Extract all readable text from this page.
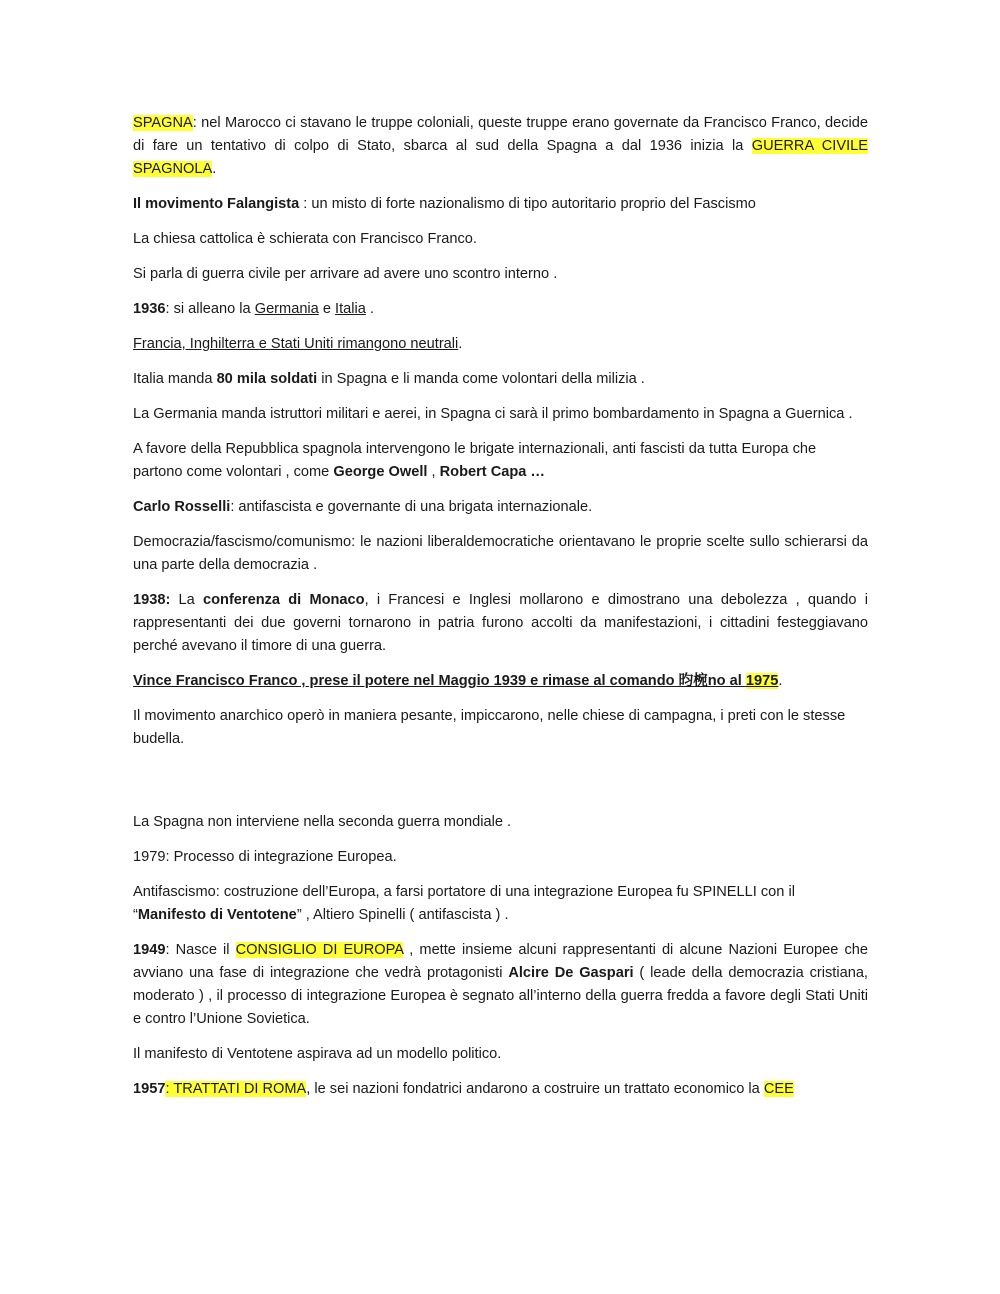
SPAGNA: nel Marocco ci stavano le truppe coloniali, queste truppe erano governate da Francisco Franco, decide di fare un tentativo di colpo di Stato, sbarca al sud della Spagna a dal 1936 inizia la GUERRA CIVILE SPAGNOLA.

Il movimento Falangista : un misto di forte nazionalismo di tipo autoritario proprio del Fascismo

La chiesa cattolica è schierata con Francisco Franco.

Si parla di guerra civile per arrivare ad avere uno scontro interno .

1936: si alleano la Germania e Italia .

Francia, Inghilterra e Stati Uniti rimangono neutrali.

Italia manda 80 mila soldati in Spagna e li manda come volontari della milizia .

La Germania manda istruttori militari e aerei, in Spagna ci sarà il primo bombardamento in Spagna a Guernica .

A favore della Repubblica spagnola intervengono le brigate internazionali, anti fascisti da tutta Europa che partono come volontari , come George Owell , Robert Capa …

Carlo Rosselli: antifascista e governante di una brigata internazionale.

Democrazia/fascismo/comunismo: le nazioni liberaldemocratiche orientavano le proprie scelte sullo schierarsi da una parte della democrazia .

1938: La conferenza di Monaco, i Francesi e Inglesi mollarono e dimostrano una debolezza , quando i rappresentanti dei due governi tornarono in patria furono accolti da manifestazioni, i cittadini festeggiavano perché avevano il timore di una guerra.

Vince Francisco Franco , prese il potere nel Maggio 1939 e rimase al comando 昀椀no al 1975.

Il movimento anarchico operò in maniera pesante, impiccarono, nelle chiese di campagna, i preti con le stesse budella.

La Spagna non interviene nella seconda guerra mondiale .

1979: Processo di integrazione Europea.

Antifascismo: costruzione dell’Europa, a farsi portatore di una integrazione Europea fu SPINELLI con il “Manifesto di Ventotene” , Altiero Spinelli ( antifascista ) .

1949: Nasce il CONSIGLIO DI EUROPA , mette insieme alcuni rappresentanti di alcune Nazioni Europee che avviano una fase di integrazione che vedrà protagonisti Alcire De Gaspari ( leade della democrazia cristiana, moderato ) , il processo di integrazione Europea è segnato all’interno della guerra fredda a favore degli Stati Uniti e contro l’Unione Sovietica.

Il manifesto di Ventotene aspirava ad un modello politico.

1957: TRATTATI DI ROMA, le sei nazioni fondatrici andarono a costruire un trattato economico la CEE
